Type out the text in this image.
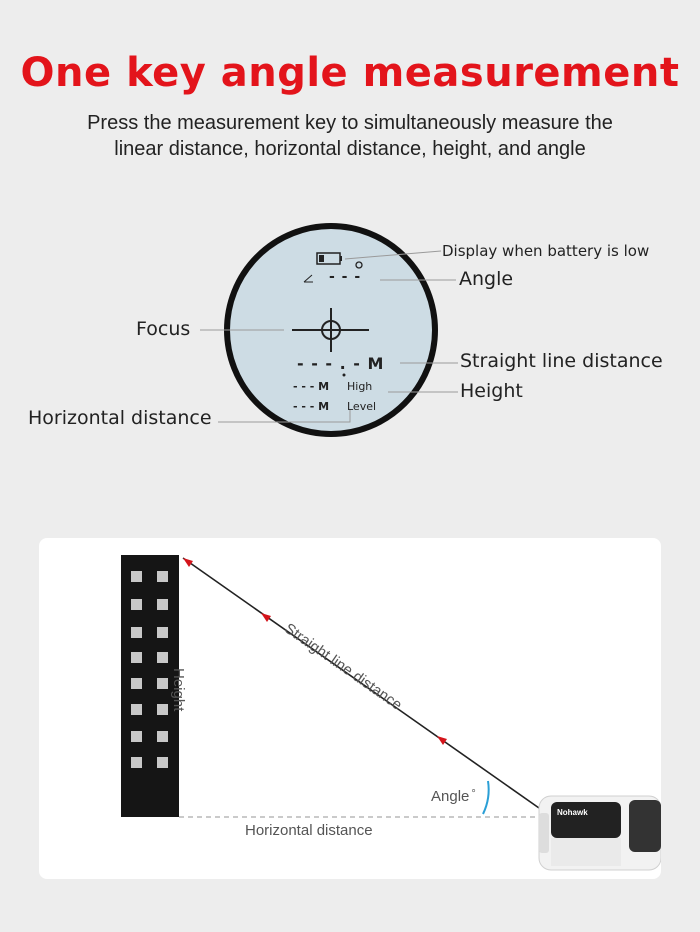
One key angle measurement
Press the measurement key to simultaneously measure the
linear distance, horizontal distance, height, and angle
- - -
- - - . - M
- - - M High
- - - M Level
Display when battery is low
Angle
Focus
Straight line distance
Height
Horizontal distance
Height	Straight line distance
Angle °
Horizontal distance
Nohawk
